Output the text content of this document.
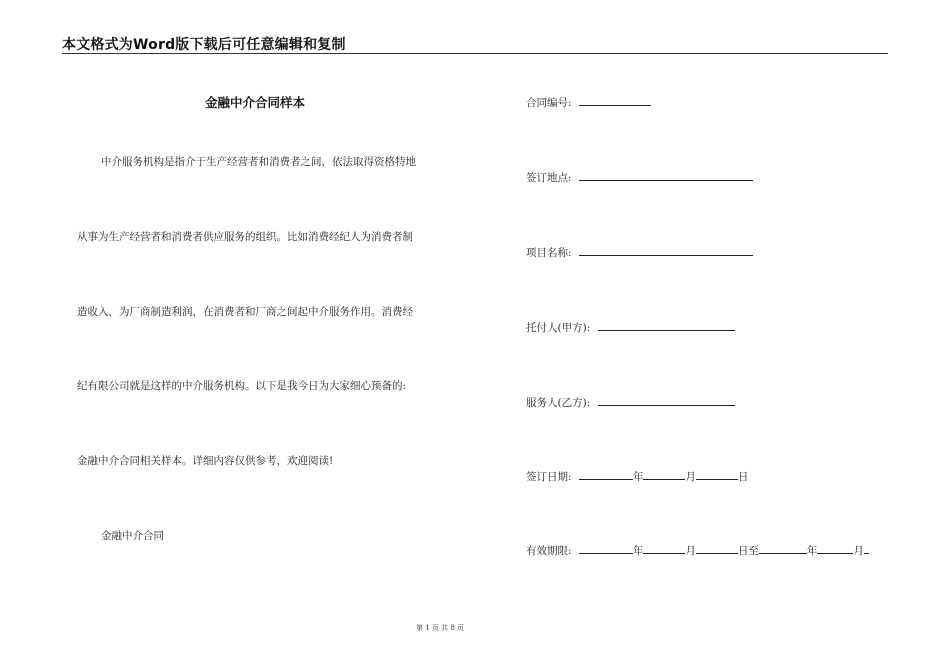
本文格式为Word版下载后可任意编辑和复制
金融中介合同样本
中介服务机构是指介于生产经营者和消费者之间，依法取得资格特地
从事为生产经营者和消费者供应服务的组织。比如消费经纪人为消费者制
造收入，为厂商制造利润，在消费者和厂商之间起中介服务作用。消费经
纪有限公司就是这样的中介服务机构。以下是我今日为大家细心预备的:
金融中介合同相关样本。详细内容仅供参考，欢迎阅读!
金融中介合同
合同编号:
签订地点:
项目名称:
托付人(甲方):
服务人(乙方):
签订日期:	年	月	日
有效期限:	年	月	日至	年	月
第 1 页 共 8 页
